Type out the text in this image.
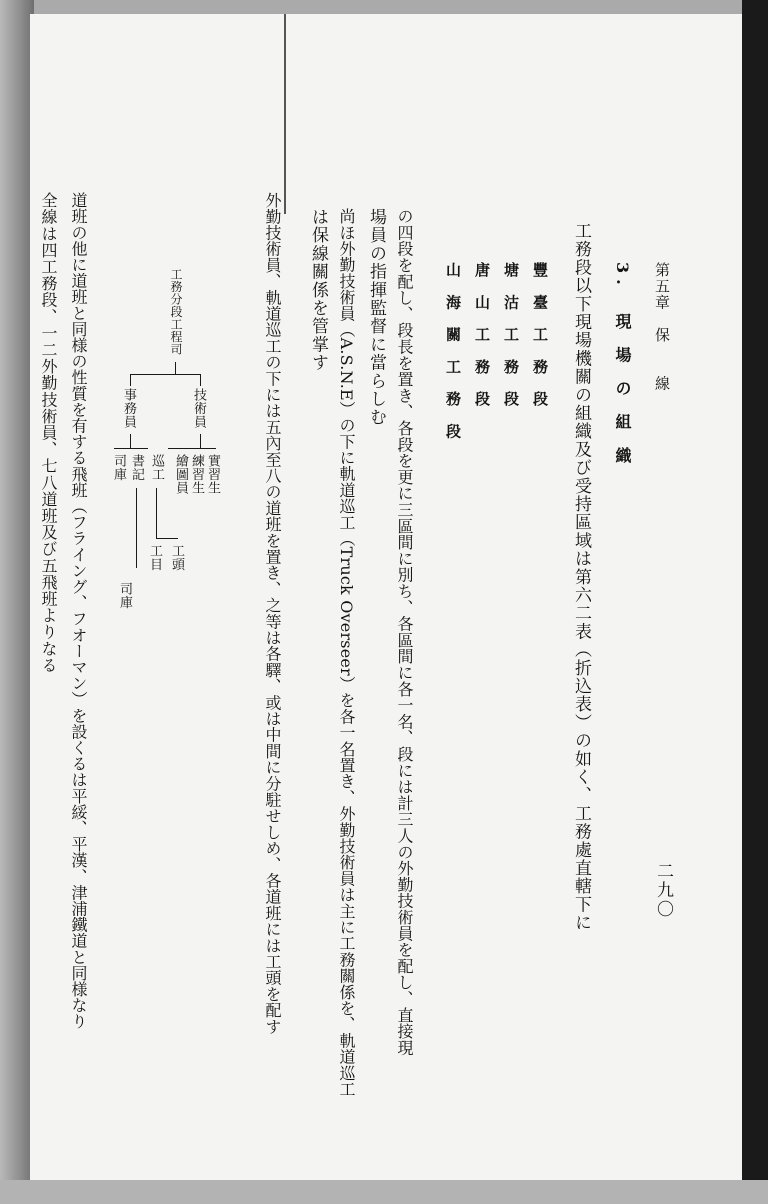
第五章　保　　線
二九〇
3.　現 場 の 組 織
工務段以下現場機關の組織及び受持區域は第六二表（折込表）の如く、工務處直轄下に
豐 臺 工 務 段
塘 沽 工 務 段
唐 山 工 務 段
山 海 關 工 務 段
の四段を配し、段長を置き、各段を更に三區間に別ち、各區間に各一名、段には計三人の外勤技術員を配し、直接現
場員の指揮監督に當らしむ
尚ほ外勤技術員（A.S.N.E）の下に軌道巡工（Truck Overseer）を各一名置き、外勤技術員は主に工務關係を、軌道巡工
は保線關係を管掌す
外勤技術員、軌道巡工の下には五內至八の道班を置き、之等は各驛、或は中間に分駐せしめ、各道班には工頭を配す
工務分段工程司
技術員
事務員
實習生
練習生
繪圖員
巡工
書記
司庫
工頭
工目
司庫
道班の他に道班と同様の性質を有する飛班（フライング、フオーマン）を設くるは平綏、平漢、津浦鐵道と同様なり
全線は四工務段、一二外勤技術員、七八道班及び五飛班よりなる
